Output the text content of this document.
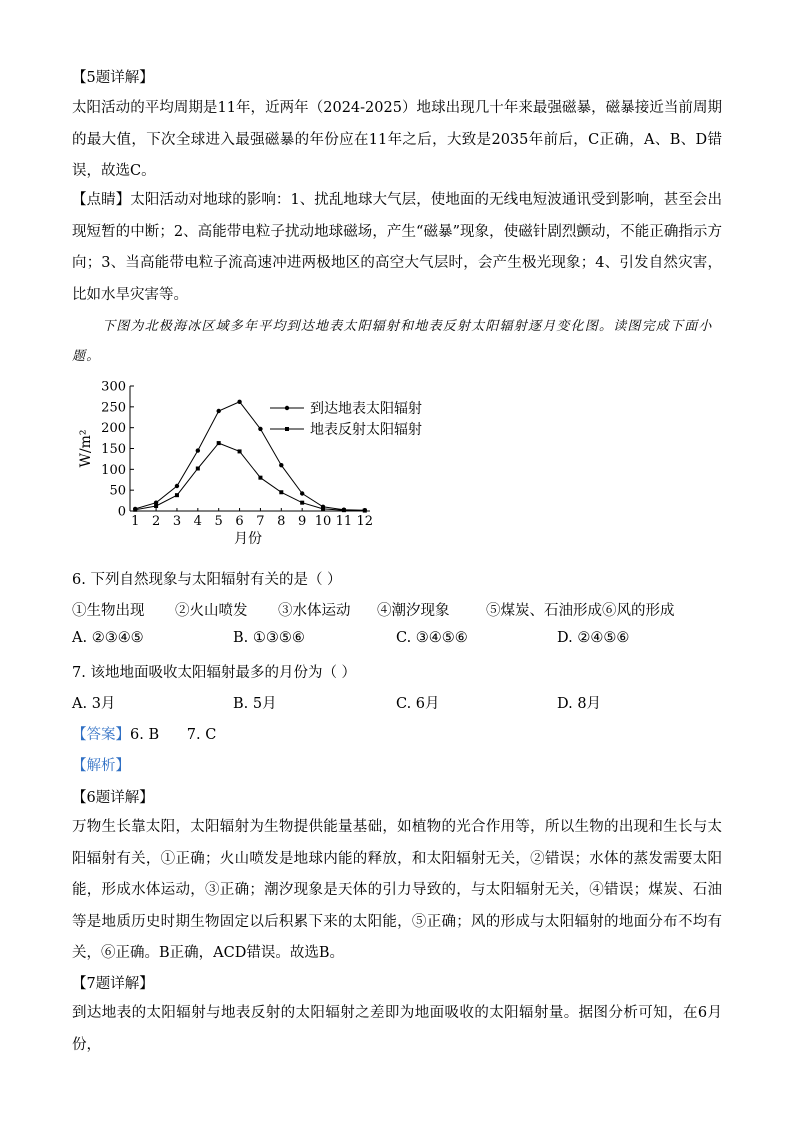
【5题详解】
太阳活动的平均周期是11年，近两年（2024-2025）地球出现几十年来最强磁暴，磁暴接近当前周期的最大值，下次全球进入最强磁暴的年份应在11年之后，大致是2035年前后，C正确，A、B、D错误，故选C。
【点睛】太阳活动对地球的影响：1、扰乱地球大气层，使地面的无线电短波通讯受到影响，甚至会出现短暂的中断；2、高能带电粒子扰动地球磁场，产生“磁暴”现象，使磁针剧烈颤动，不能正确指示方向；3、当高能带电粒子流高速冲进两极地区的高空大气层时，会产生极光现象；4、引发自然灾害，比如水旱灾害等。
下图为北极海冰区域多年平均到达地表太阳辐射和地表反射太阳辐射逐月变化图。读图完成下面小题。
0
50
100
150
200
250
300
1 2 3 4 5 6 7 8 9 10 11 12
月份
W/m²
到达地表太阳辐射
地表反射太阳辐射
6. 下列自然现象与太阳辐射有关的是（ ）
①生物出现 ②火山喷发 ③水体运动 ④潮汐现象	⑤煤炭、石油形成⑥风的形成
A. ②③④⑤	B. ①③⑤⑥	C. ③④⑤⑥	D. ②④⑤⑥
7. 该地地面吸收太阳辐射最多的月份为（ ）
A. 3月	B. 5月	C. 6月	D. 8月
【答案】6. B      7. C
【解析】
【6题详解】
万物生长靠太阳，太阳辐射为生物提供能量基础，如植物的光合作用等，所以生物的出现和生长与太阳辐射有关，①正确；火山喷发是地球内能的释放，和太阳辐射无关，②错误；水体的蒸发需要太阳能，形成水体运动，③正确；潮汐现象是天体的引力导致的，与太阳辐射无关，④错误；煤炭、石油等是地质历史时期生物固定以后积累下来的太阳能，⑤正确；风的形成与太阳辐射的地面分布不均有关，⑥正确。B正确，ACD错误。故选B。
【7题详解】
到达地表的太阳辐射与地表反射的太阳辐射之差即为地面吸收的太阳辐射量。据图分析可知，在6月份，
